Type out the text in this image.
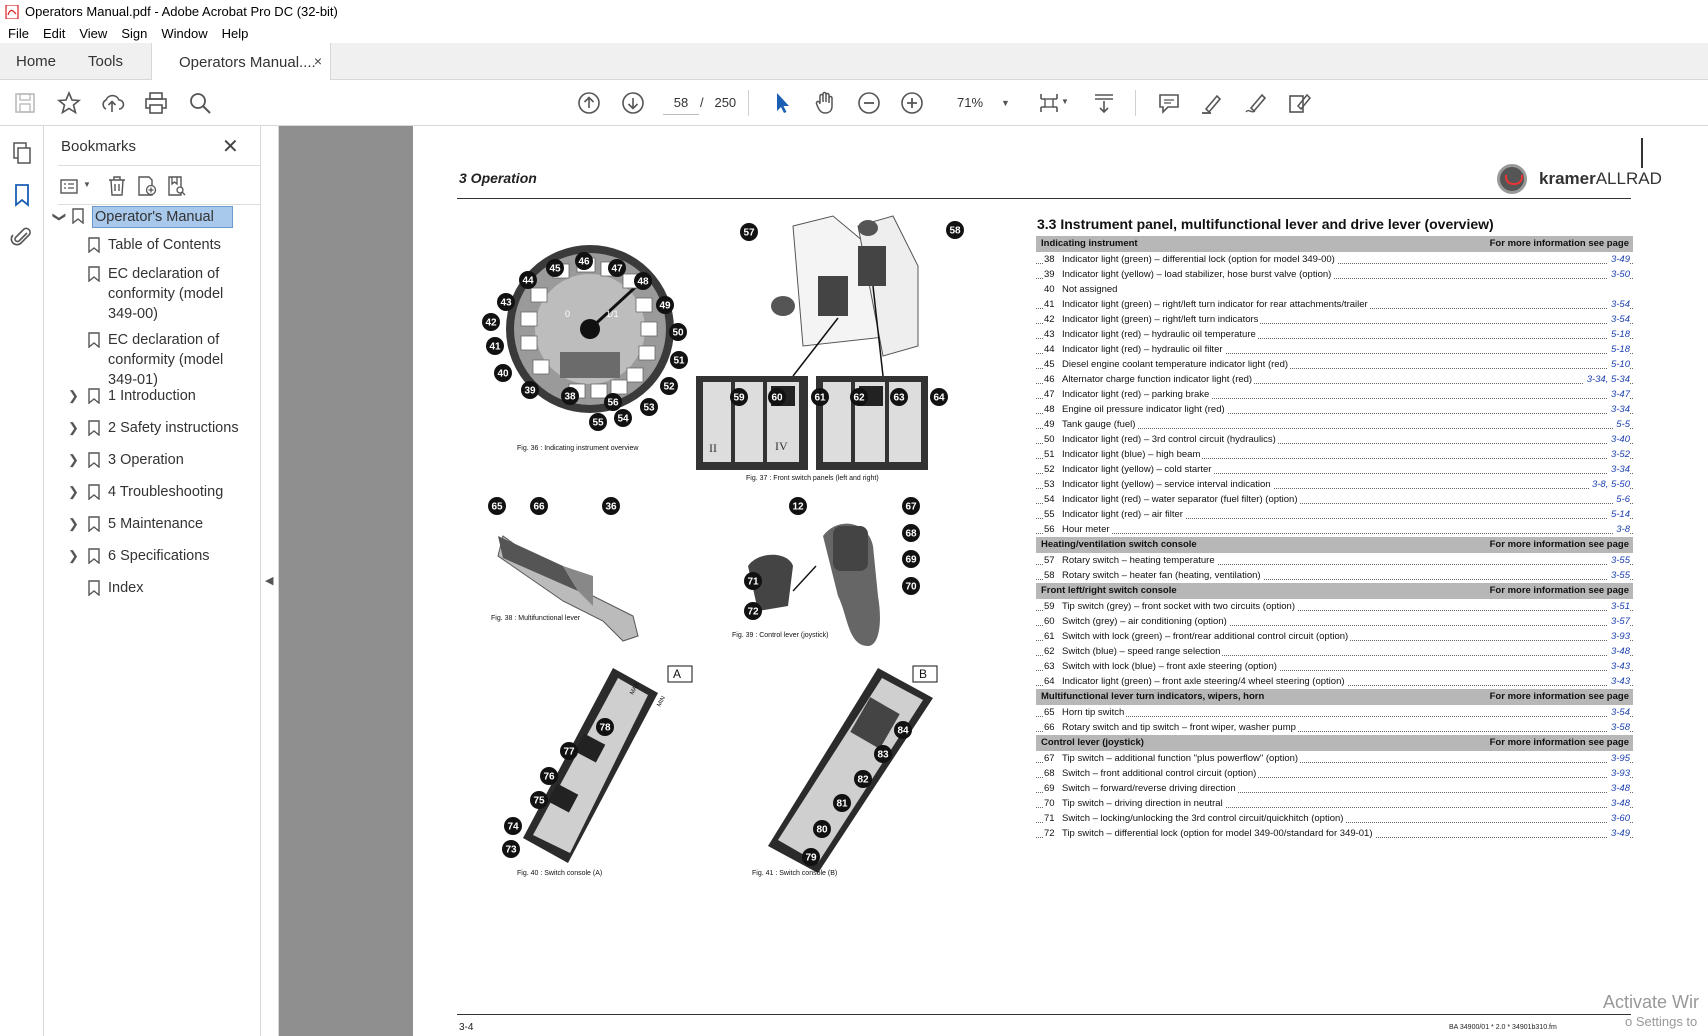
Operators Manual.pdf - Adobe Acrobat Pro DC (32-bit)
File Edit View Sign Window Help
Home Tools	Operators Manual....
×
58 / 250	71% ▼	▼
Bookmarks	✕
▼
❯ Operator's Manual
Table of Contents
EC declaration of conformity (model 349-00)
EC declaration of conformity (model 349-01)
❯ 1 Introduction
❯ 2 Safety instructions
❯ 3 Operation
❯ 4 Troubleshooting
❯ 5 Maintenance
❯ 6 Specifications
Index	◀
3 Operation	kramerALLRAD
0	1/1
38
39
40
41
42
43
44
45
46
47
48
49
50
51
52
53
54
55
56
Fig. 36 : Indicating instrument overview	II	IV
57	58
59	60	61	62	63	64
Fig. 37 : Front switch panels (left and right)
65	66	36
Fig. 38 : Multifunctional lever
12	67
68
69
70
71
72
Fig. 39 : Control lever (joystick)
A
MAX
MIN
73
74
75
76
77
78
Fig. 40 : Switch console (A)
B
79
80
81
82
83
84
Fig. 41 : Switch console (B)
3.3 Instrument panel, multifunctional lever and drive lever (overview)
Indicating instrument	For more information see page
38 Indicator light (green) – differential lock (option for model 349-00)	3-49
39 Indicator light (yellow) – load stabilizer, hose burst valve (option)	3-50
40 Not assigned
41 Indicator light (green) – right/left turn indicator for rear attachments/trailer	3-54
42 Indicator light (green) – right/left turn indicators	3-54
43 Indicator light (red) – hydraulic oil temperature	5-18
44 Indicator light (red) – hydraulic oil filter	5-18
45 Diesel engine coolant temperature indicator light (red)	5-10
46 Alternator charge function indicator light (red)	3-34, 5-34
47 Indicator light (red) – parking brake	3-47
48 Engine oil pressure indicator light (red)	3-34
49 Tank gauge (fuel)	5-5
50 Indicator light (red) – 3rd control circuit (hydraulics)	3-40
51 Indicator light (blue) – high beam	3-52
52 Indicator light (yellow) – cold starter	3-34
53 Indicator light (yellow) – service interval indication	3-8, 5-50
54 Indicator light (red) – water separator (fuel filter) (option)	5-6
55 Indicator light (red) – air filter	5-14
56 Hour meter	3-8
Heating/ventilation switch console	For more information see page
57 Rotary switch – heating temperature	3-55
58 Rotary switch – heater fan (heating, ventilation)	3-55
Front left/right switch console	For more information see page
59 Tip switch (grey) – front socket with two circuits (option)	3-51
60 Switch (grey) – air conditioning (option)	3-57
61 Switch with lock (green) – front/rear additional control circuit (option)	3-93
62 Switch (blue) – speed range selection	3-48
63 Switch with lock (blue) – front axle steering (option)	3-43
64 Indicator light (green) – front axle steering/4 wheel steering (option)	3-43
Multifunctional lever turn indicators, wipers, horn	For more information see page
65 Horn tip switch	3-54
66 Rotary switch and tip switch – front wiper, washer pump	3-58
Control lever (joystick)	For more information see page
67 Tip switch – additional function "plus powerflow" (option)	3-95
68 Switch – front additional control circuit (option)	3-93
69 Switch – forward/reverse driving direction	3-48
70 Tip switch – driving direction in neutral	3-48
71 Switch – locking/unlocking the 3rd control circuit/quickhitch (option)	3-60
72 Tip switch – differential lock (option for model 349-00/standard for 349-01)	3-49
3-4	BA 34900/01 * 2.0 * 34901b310.fm
Activate Wir
o Settings to
